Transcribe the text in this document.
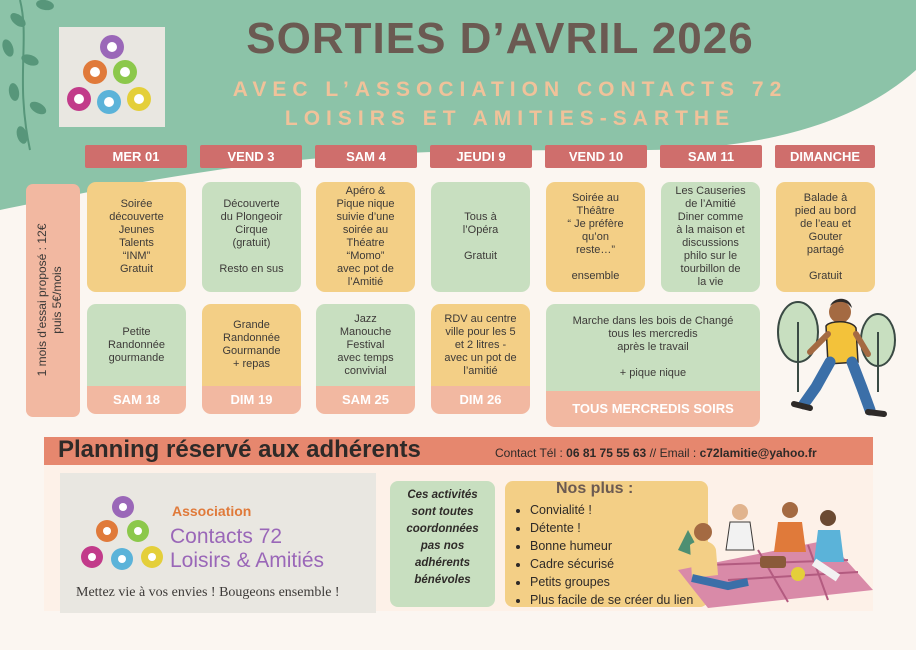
SORTIES D’AVRIL 2026
AVEC L’ASSOCIATION CONTACTS 72
LOISIRS ET AMITIES-SARTHE
MER 01	VEND 3	SAM 4	JEUDI 9	VEND 10	SAM 11	DIMANCHE
Soirée
découverte
Jeunes
Talents
“INM”
Gratuit
Découverte
du Plongeoir
Cirque
(gratuit)

Resto en sus
Apéro &
Pique nique
suivie d’une
soirée au
Théatre
“Momo”
avec pot de
l’Amitié
Tous à
l’Opéra

Gratuit
Soirée au
Théâtre
“ Je préfère
qu’on
reste…”

ensemble
Les Causeries
de l’Amitié
Diner comme
à la maison et
discussions
philo sur le
tourbillon de
la vie
Balade à
pied au bord
de l’eau et
Gouter
partagé

Gratuit
Petite
Randonnée
gourmande
SAM 18
Grande
Randonnée
Gourmande
+ repas
DIM 19
Jazz
Manouche
Festival
avec temps
convivial
SAM 25
RDV au centre
ville pour les 5
et 2 litres -
avec un pot de
l’amitié
DIM 26
Marche dans les bois de Changé
tous les mercredis
après le travail

+ pique nique
TOUS MERCREDIS SOIRS
1 mois d’essai proposé : 12€
puis 5€/mois
Planning réservé aux adhérents	Contact Tél : 06 81 75 55 63 // Email : c72lamitie@yahoo.fr
Association
Contacts 72
Loisirs & Amitiés
Mettez vie à vos envies ! Bougeons ensemble !
Ces activités
sont toutes
coordonnées
pas nos
adhérents
bénévoles
Nos plus :
• Convialité !
• Détente !
• Bonne humeur
• Cadre sécurisé
• Petits groupes
• Plus facile de se créer du lien
